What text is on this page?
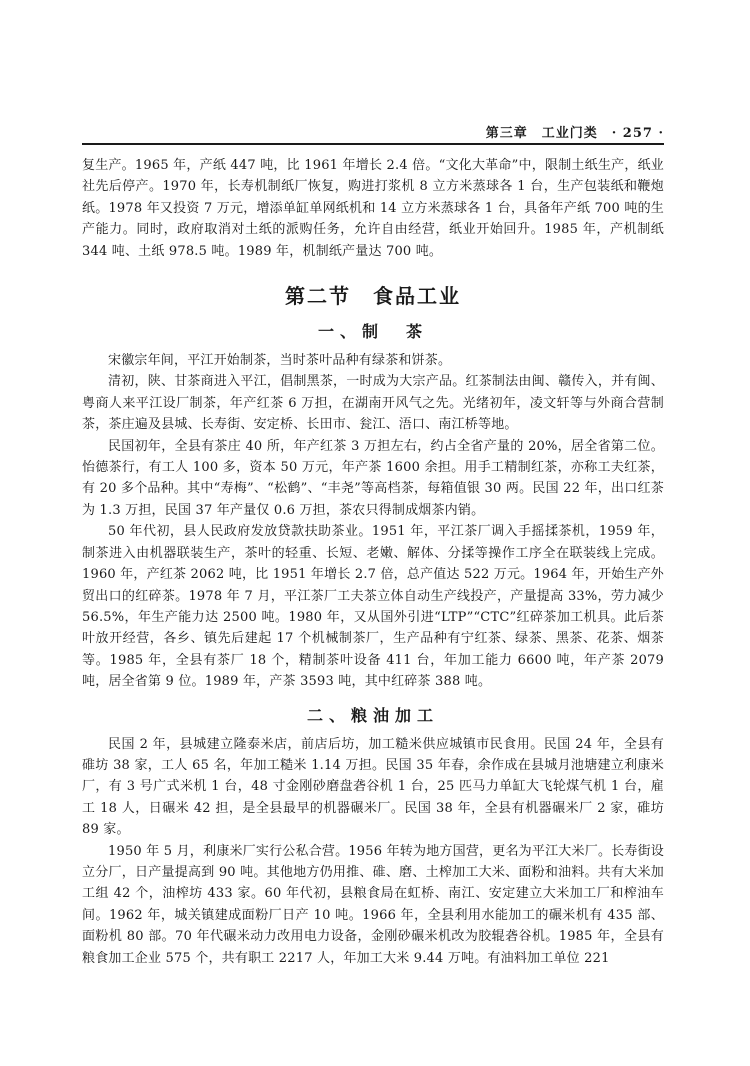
第三章 工业门类 · 257 ·

复生产。1965 年，产纸 447 吨，比 1961 年增长 2.4 倍。“文化大革命”中，限制土纸生产，纸业社先后停产。1970 年，长寿机制纸厂恢复，购进打浆机 8 立方米蒸球各 1 台，生产包装纸和鞭炮纸。1978 年又投资 7 万元，增添单缸单网纸机和 14 立方米蒸球各 1 台，具备年产纸 700 吨的生产能力。同时，政府取消对土纸的派购任务，允许自由经营，纸业开始回升。1985 年，产机制纸 344 吨、土纸 978.5 吨。1989 年，机制纸产量达 700 吨。

第二节　食品工业
一、制　茶

宋徽宗年间，平江开始制茶，当时茶叶品种有绿茶和饼茶。

清初，陕、甘茶商进入平江，倡制黑茶，一时成为大宗产品。红茶制法由闽、赣传入，并有闽、粤商人来平江设厂制茶，年产红茶 6 万担，在湖南开风气之先。光绪初年，凌文轩等与外商合营制茶，茶庄遍及县城、长寿街、安定桥、长田市、瓮江、浯口、南江桥等地。

民国初年，全县有茶庄 40 所，年产红茶 3 万担左右，约占全省产量的 20%，居全省第二位。怡德茶行，有工人 100 多，资本 50 万元，年产茶 1600 余担。用手工精制红茶，亦称工夫红茶，有 20 多个品种。其中“寿梅”、“松鹤”、“丰尧”等高档茶，每箱值银 30 两。民国 22 年，出口红茶为 1.3 万担，民国 37 年产量仅 0.6 万担，茶农只得制成烟茶内销。

50 年代初，县人民政府发放贷款扶助茶业。1951 年，平江茶厂调入手摇揉茶机，1959 年，制茶进入由机器联装生产，茶叶的轻重、长短、老嫩、解体、分揉等操作工序全在联装线上完成。1960 年，产红茶 2062 吨，比 1951 年增长 2.7 倍，总产值达 522 万元。1964 年，开始生产外贸出口的红碎茶。1978 年 7 月，平江茶厂工夫茶立体自动生产线投产，产量提高 33%，劳力减少 56.5%，年生产能力达 2500 吨。1980 年，又从国外引进“LTP”“CTC”红碎茶加工机具。此后茶叶放开经营，各乡、镇先后建起 17 个机械制茶厂，生产品种有宁红茶、绿茶、黑茶、花茶、烟茶等。1985 年，全县有茶厂 18 个，精制茶叶设备 411 台，年加工能力 6600 吨，年产茶 2079 吨，居全省第 9 位。1989 年，产茶 3593 吨，其中红碎茶 388 吨。

二、粮油加工

民国 2 年，县城建立隆泰米店，前店后坊，加工糙米供应城镇市民食用。民国 24 年，全县有碓坊 38 家，工人 65 名，年加工糙米 1.14 万担。民国 35 年春，余作成在县城月池塘建立利康米厂，有 3 号广式米机 1 台，48 寸金刚砂磨盘砻谷机 1 台，25 匹马力单缸大飞轮煤气机 1 台，雇工 18 人，日碾米 42 担，是全县最早的机器碾米厂。民国 38 年，全县有机器碾米厂 2 家，碓坊 89 家。

1950 年 5 月，利康米厂实行公私合营。1956 年转为地方国营，更名为平江大米厂。长寿街设立分厂，日产量提高到 90 吨。其他地方仍用推、碓、磨、土榨加工大米、面粉和油料。共有大米加工组 42 个，油榨坊 433 家。60 年代初，县粮食局在虹桥、南江、安定建立大米加工厂和榨油车间。1962 年，城关镇建成面粉厂日产 10 吨。1966 年，全县利用水能加工的碾米机有 435 部、面粉机 80 部。70 年代碾米动力改用电力设备，金刚砂碾米机改为胶辊砻谷机。1985 年，全县有粮食加工企业 575 个，共有职工 2217 人，年加工大米 9.44 万吨。有油料加工单位 221
